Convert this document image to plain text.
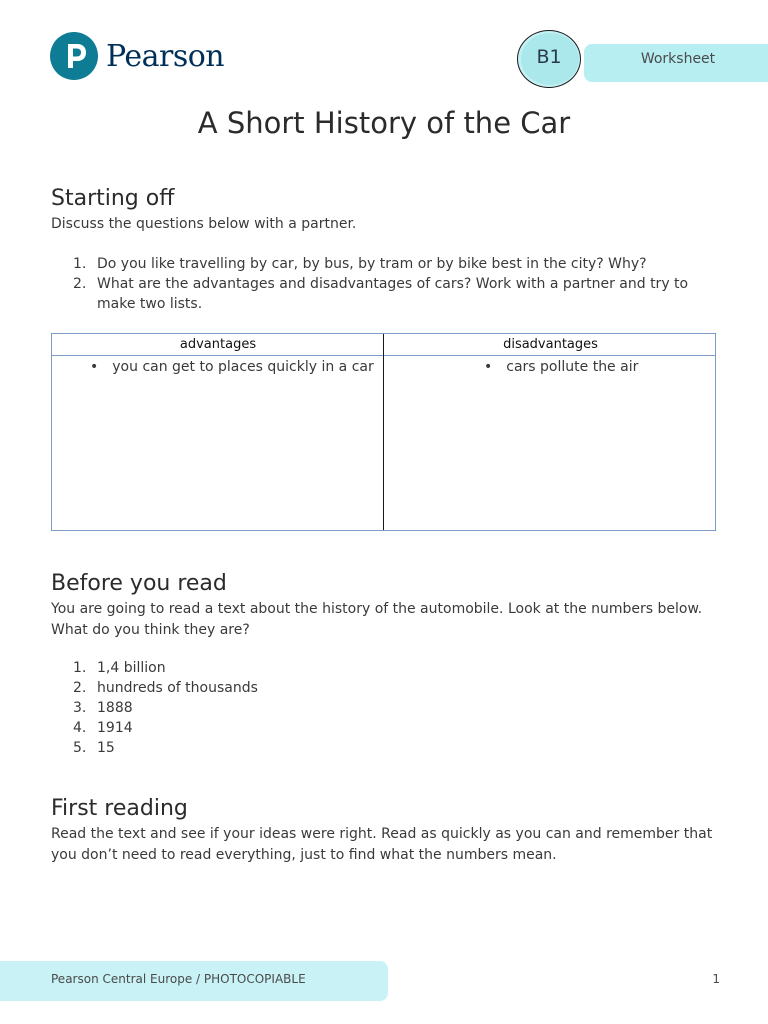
Pearson	Worksheet
B1
A Short History of the Car
Starting off

Discuss the questions below with a partner.

1. Do you like travelling by car, by bus, by tram or by bike best in the city? Why?
2. What are the advantages and disadvantages of cars? Work with a partner and try to make two lists.
advantages	disadvantages
• you can get to places quickly in a car	• cars pollute the air
Before you read

You are going to read a text about the history of the automobile. Look at the numbers below. What do you think they are?

1. 1,4 billion
2. hundreds of thousands
3. 1888
4. 1914
5. 15
First reading

Read the text and see if your ideas were right. Read as quickly as you can and remember that you don’t need to read everything, just to find what the numbers mean.

Pearson Central Europe / PHOTOCOPIABLE	1
